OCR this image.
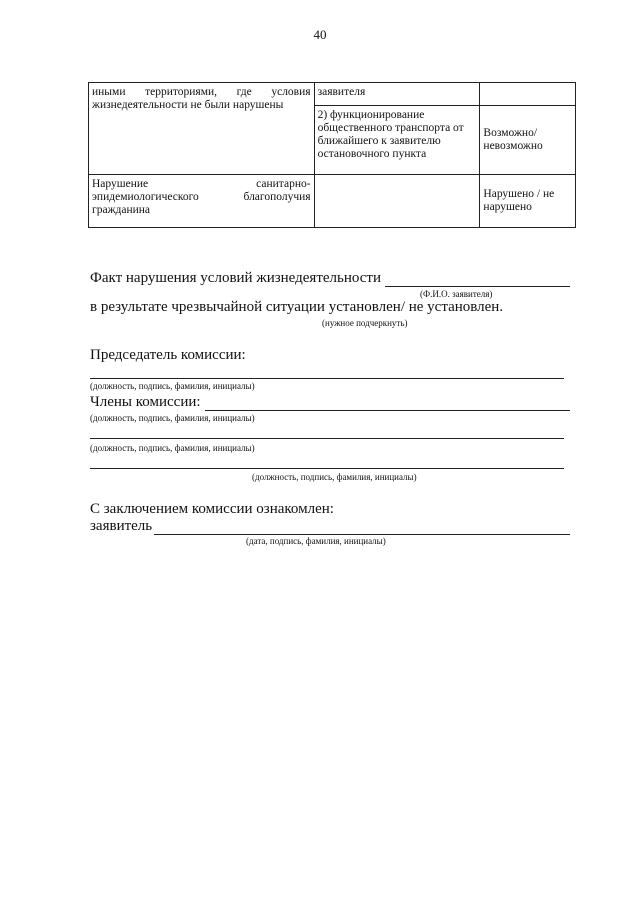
40
иными территориями, где условия
жизнедеятельности не были нарушены	заявителя	
	2) функционирование общественного транспорта от ближайшего к заявителю остановочного пункта	Возможно/ невозможно

Нарушение санитарно-
эпидемиологического благополучия
гражданина		Нарушено / не нарушено
Факт нарушения условий жизнедеятельности
(Ф.И.О. заявителя)
в результате чрезвычайной ситуации установлен/ не установлен.
(нужное подчеркнуть)
Председатель комиссии:
(должность, подпись, фамилия, инициалы)
Члены комиссии:
(должность, подпись, фамилия, инициалы)
(должность, подпись, фамилия, инициалы)
(должность, подпись, фамилия, инициалы)
С заключением комиссии ознакомлен:
заявитель
(дата, подпись, фамилия, инициалы)
